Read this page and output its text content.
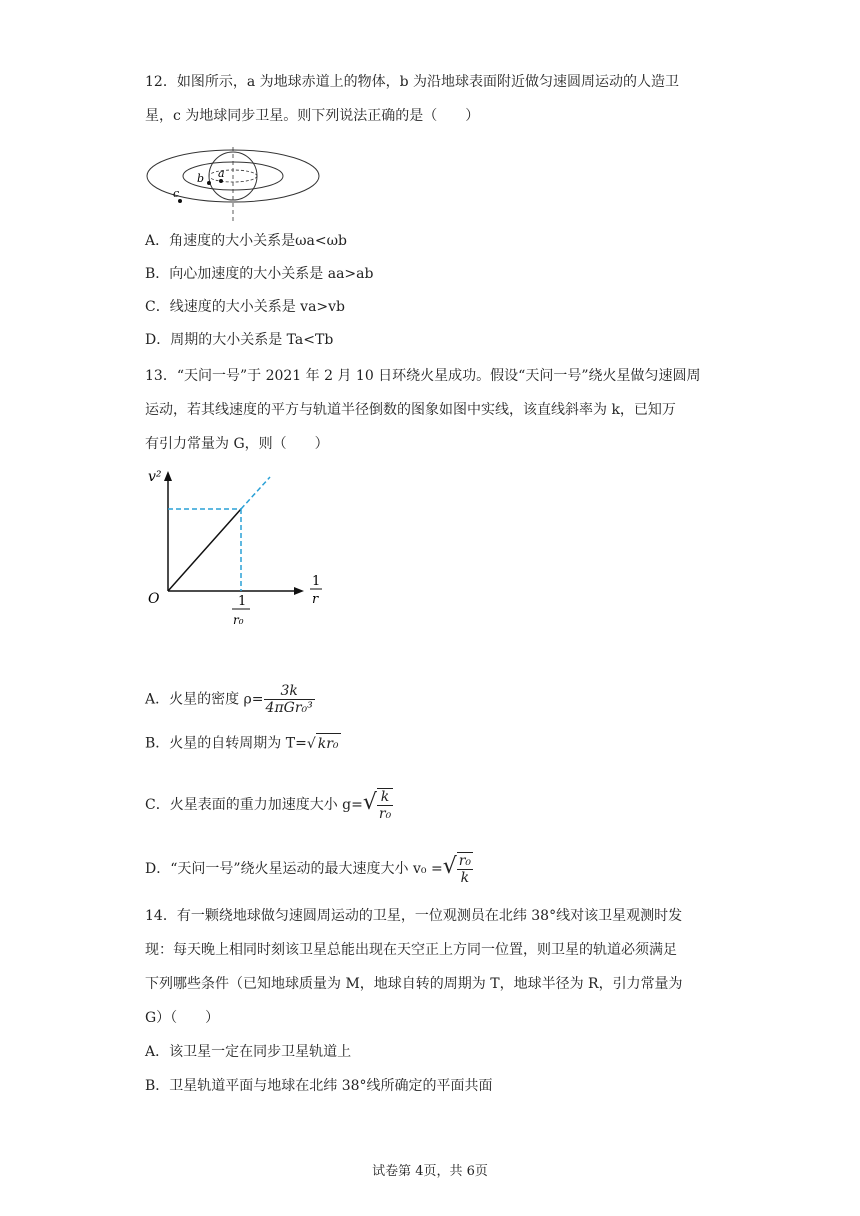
12．如图所示，a 为地球赤道上的物体，b 为沿地球表面附近做匀速圆周运动的人造卫
星，c 为地球同步卫星。则下列说法正确的是（　　）
a
b
c
A．角速度的大小关系是ωa<ωb
B．向心加速度的大小关系是 aa>ab
C．线速度的大小关系是 va>vb
D．周期的大小关系是 Ta<Tb
13．“天问一号”于 2021 年 2 月 10 日环绕火星成功。假设“天问一号”绕火星做匀速圆周
运动，若其线速度的平方与轨道半径倒数的图象如图中实线，该直线斜率为 k，已知万
有引力常量为 G，则（　　）
v²
O
1
r
1
r₀
A．火星的密度 $\rho= \frac{3k}{\text{4πGr₀³}}$
B．火星的自转周期为 T=√ kr₀
C．火星表面的重力加速度大小 $g=√ \frac{k}{\text{r₀}}$
D．“天问一号”绕火星运动的最大速度大小 v₀ =√ $\frac{\text{r₀}}{k}$
14．有一颗绕地球做匀速圆周运动的卫星，一位观测员在北纬 38°线对该卫星观测时发
现：每天晚上相同时刻该卫星总能出现在天空正上方同一位置，则卫星的轨道必须满足
下列哪些条件（已知地球质量为 M，地球自转的周期为 T，地球半径为 R，引力常量为
G）（　　）
A．该卫星一定在同步卫星轨道上
B．卫星轨道平面与地球在北纬 38°线所确定的平面共面
试卷第 4页，共 6页
